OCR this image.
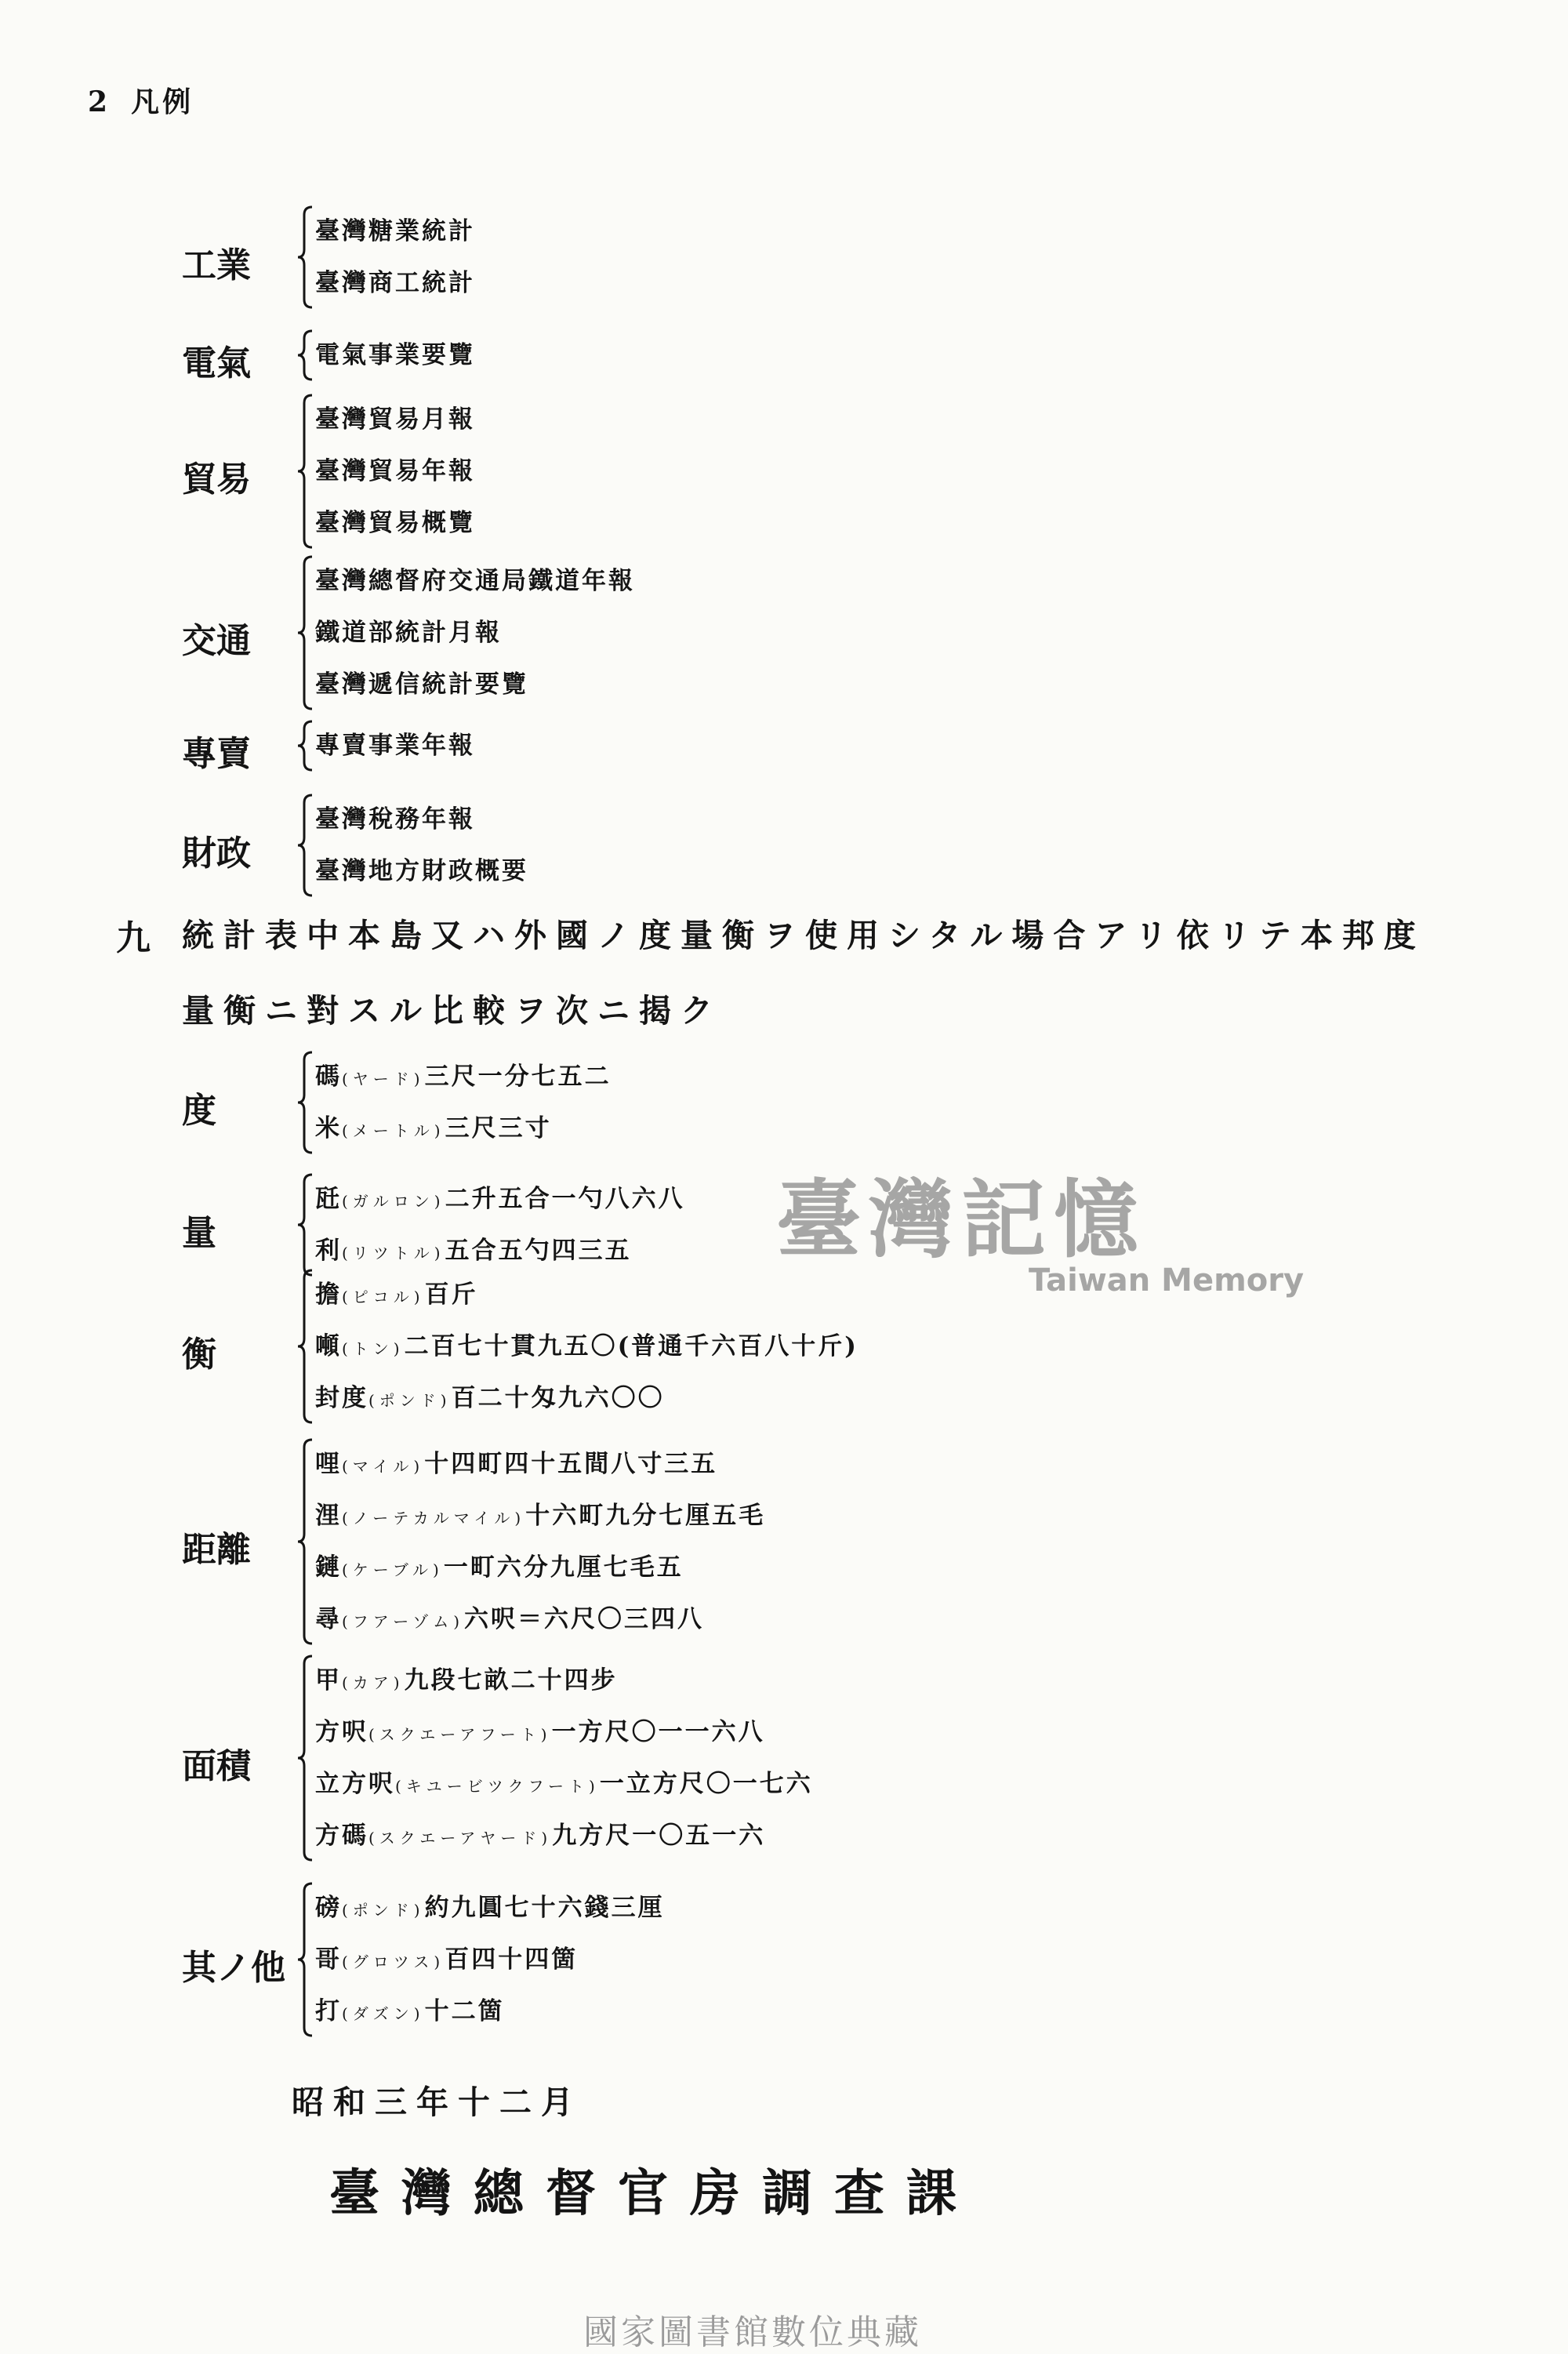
2 凡例
工業
臺灣糖業統計
臺灣商工統計
電氣	電氣事業要覽
貿易
臺灣貿易月報
臺灣貿易年報
臺灣貿易概覽
交通
臺灣總督府交通局鐵道年報
鐵道部統計月報
臺灣遞信統計要覽
專賣	專賣事業年報
財政
臺灣稅務年報
臺灣地方財政概要
度
碼(ヤード)三尺一分七五二
米(メートル)三尺三寸
量
瓩(ガルロン)二升五合一勺八六八
利(リツトル)五合五勺四三五
衡
擔(ピコル)百斤
噸(トン)二百七十貫九五〇(普通千六百八十斤)
封度(ポンド)百二十匁九六〇〇
距離
哩(マイル)十四町四十五間八寸三五
浬(ノーテカルマイル)十六町九分七厘五毛
鏈(ケーブル)一町六分九厘七毛五
尋(フアーゾム)六呎＝六尺〇三四八
面積
甲(カア)九段七畝二十四步
方呎(スクエーアフート)一方尺〇一一六八
立方呎(キユービツクフート)一立方尺〇一七六
方碼(スクエーアヤード)九方尺一〇五一六
其ノ他
磅(ポンド)約九圓七十六錢三厘
哥(グロツス)百四十四箇
打(ダズン)十二箇
九 統計表中本島又ハ外國ノ度量衡ヲ使用シタル場合アリ依リテ本邦度
量衡ニ對スル比較ヲ次ニ揭ク
昭和三年十二月
臺灣總督官房調查課
臺灣記憶
Taiwan Memory
國家圖書館數位典藏
